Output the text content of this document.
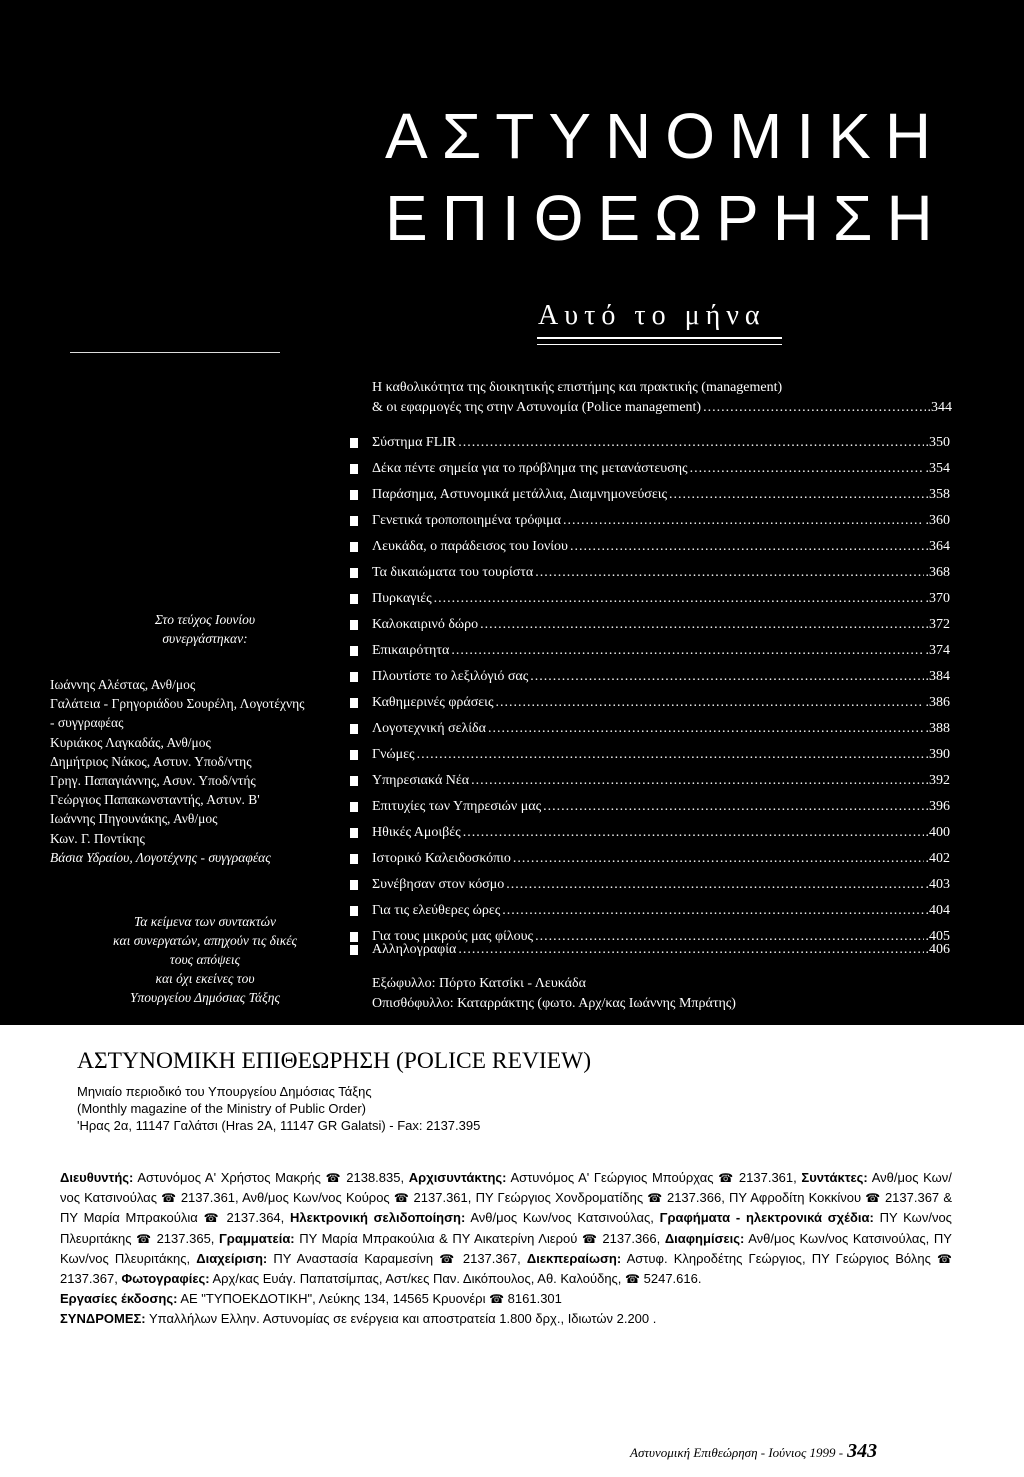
ΑΣΤΥΝΟΜΙΚΗ
ΕΠΙΘΕΩΡΗΣΗ
Αυτό το μήνα
Στο τεύχος Ιουνίου
συνεργάστηκαν:
Ιωάννης Αλέστας, Ανθ/μος
Γαλάτεια - Γρηγοριάδου Σουρέλη, Λογοτέχνης
- συγγραφέας
Κυριάκος Λαγκαδάς, Ανθ/μος
Δημήτριος Νάκος, Αστυν. Υποδ/ντης
Γρηγ. Παπαγιάννης, Ασυν. Υποδ/ντής
Γεώργιος Παπακωνσταντής, Αστυν. Β'
Ιωάννης Πηγουνάκης, Ανθ/μος
Κων. Γ. Ποντίκης
Βάσια Υδραίου, Λογοτέχνης - συγγραφέας
Τα κείμενα των συντακτών
και συνεργατών, απηχούν τις δικές
τους απόψεις
και όχι εκείνες του
Υπουργείου Δημόσιας Τάξης
Η καθολικότητα της διοικητικής επιστήμης και πρακτικής (management)
& οι εφαρμογές της στην Αστυνομία (Police management) .....	.344
Σύστημα FLIR .....	.350
Δέκα πέντε σημεία για το πρόβλημα της μετανάστευσης .....	.354
Παράσημα, Αστυνομικά μετάλλια, Διαμνημονεύσεις .....	.358
Γενετικά τροποποιημένα τρόφιμα .....	.360
Λευκάδα, ο παράδεισος του Ιονίου .....	.364
Τα δικαιώματα του τουρίστα .....	.368
Πυρκαγιές .....	.370
Καλοκαιρινό δώρο .....	.372
Επικαιρότητα .....	.374
Πλουτίστε το λεξιλόγιό σας .....	.384
Καθημερινές φράσεις .....	.386
Λογοτεχνική σελίδα .....	.388
Γνώμες .....	.390
Υπηρεσιακά Νέα .....	.392
Επιτυχίες των Υπηρεσιών μας .....	.396
Ηθικές Αμοιβές .....	.400
Ιστορικό Καλειδοσκόπιο .....	.402
Συνέβησαν στον κόσμο .....	.403
Για τις ελεύθερες ώρες .....	.404
Για τους μικρούς μας φίλους .....	.405
Αλληλογραφία .....	.406
Εξώφυλλο: Πόρτο Κατσίκι - Λευκάδα
Οπισθόφυλλο: Καταρράκτης (φωτο. Αρχ/κας Ιωάννης Μπράτης)
ΑΣΤΥΝΟΜΙΚΗ ΕΠΙΘΕΩΡΗΣΗ (POLICE REVIEW)
Μηνιαίο περιοδικό του Υπουργείου Δημόσιας Τάξης
(Monthly magazine of the Ministry of Public Order)
'Ηρας 2α, 11147 Γαλάτσι (Hras 2A, 11147 GR Galatsi) - Fax: 2137.395
Διευθυντής: Αστυνόμος Α' Χρήστος Μακρής ☎ 2138.835, Αρχισυντάκτης: Αστυνόμος Α' Γεώργιος Μπούρχας ☎ 2137.361, Συντάκτες: Ανθ/μος Κων/νος Κατσινούλας ☎ 2137.361, Ανθ/μος Κων/νος Κούρος ☎ 2137.361, ΠΥ Γεώργιος Χονδροματίδης ☎ 2137.366, ΠΥ Αφροδίτη Κοκκίνου ☎ 2137.367 & ΠΥ Μαρία Μπρακούλια ☎ 2137.364, Ηλεκτρονική σελιδοποίηση: Ανθ/μος Κων/νος Κατσινούλας, Γραφήματα - ηλεκτρονικά σχέδια: ΠΥ Κων/νος Πλευριτάκης ☎ 2137.365, Γραμματεία: ΠΥ Μαρία Μπρακούλια & ΠΥ Αικατερίνη Λιερού ☎ 2137.366, Διαφημίσεις: Ανθ/μος Κων/νος Κατσινούλας, ΠΥ Κων/νος Πλευριτάκης, Διαχείριση: ΠΥ Αναστασία Καραμεσίνη ☎ 2137.367, Διεκπεραίωση: Αστυφ. Κληροδέτης Γεώργιος, ΠΥ Γεώργιος Βόλης ☎ 2137.367, Φωτογραφίες: Αρχ/κας Ευάγ. Παπατσίμπας, Αστ/κες Παν. Δικόπουλος, Αθ. Καλούδης, ☎ 5247.616.
Εργασίες έκδοσης: ΑΕ "ΤΥΠΟΕΚΔΟΤΙΚΗ", Λεύκης 134, 14565 Κρυονέρι ☎ 8161.301
ΣΥΝΔΡΟΜΕΣ: Υπαλλήλων Ελλην. Αστυνομίας σε ενέργεια και αποστρατεία 1.800 δρχ., Ιδιωτών 2.200 .
Αστυνομική Επιθεώρηση - Ιούνιος 1999 - 343
